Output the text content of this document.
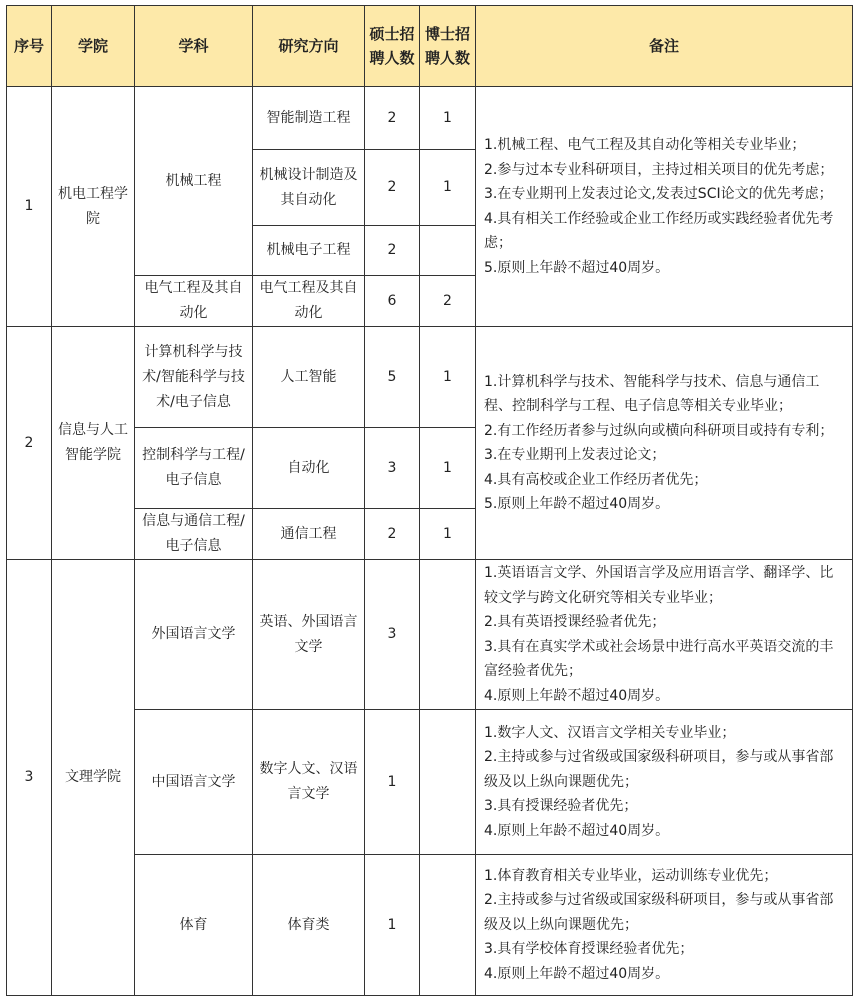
序号	学院	学科	研究方向	硕士招聘人数	博士招聘人数	备注
1	机电工程学院	机械工程	智能制造工程	2	1	1.机械工程、电气工程及其自动化等相关专业毕业；
2.参与过本专业科研项目，主持过相关项目的优先考虑；
3.在专业期刊上发表过论文,发表过SCI论文的优先考虑；
4.具有相关工作经验或企业工作经历或实践经验者优先考虑；
5.原则上年龄不超过40周岁。

			机械设计制造及其自动化	2	1	
			机械电子工程	2		
		电气工程及其自动化	电气工程及其自动化	6	2	
2	信息与人工智能学院	计算机科学与技术/智能科学与技术/电子信息	人工智能	5	1	1.计算机科学与技术、智能科学与技术、信息与通信工程、控制科学与工程、电子信息等相关专业毕业；
2.有工作经历者参与过纵向或横向科研项目或持有专利；
3.在专业期刊上发表过论文；
4.具有高校或企业工作经历者优先；
5.原则上年龄不超过40周岁。

		控制科学与工程/电子信息	自动化	3	1	
		信息与通信工程/电子信息	通信工程	2	1	
3	文理学院	外国语言文学	英语、外国语言文学	3		1.英语语言文学、外国语言学及应用语言学、翻译学、比较文学与跨文化研究等相关专业毕业；
2.具有英语授课经验者优先；
3.具有在真实学术或社会场景中进行高水平英语交流的丰富经验者优先；
4.原则上年龄不超过40周岁。

		中国语言文学	数字人文、汉语言文学	1		1.数字人文、汉语言文学相关专业毕业；
2.主持或参与过省级或国家级科研项目，参与或从事省部级及以上纵向课题优先；
3.具有授课经验者优先；
4.原则上年龄不超过40周岁。

		体育	体育类	1		1.体育教育相关专业毕业，运动训练专业优先；
2.主持或参与过省级或国家级科研项目，参与或从事省部级及以上纵向课题优先；
3.具有学校体育授课经验者优先；
4.原则上年龄不超过40周岁。
